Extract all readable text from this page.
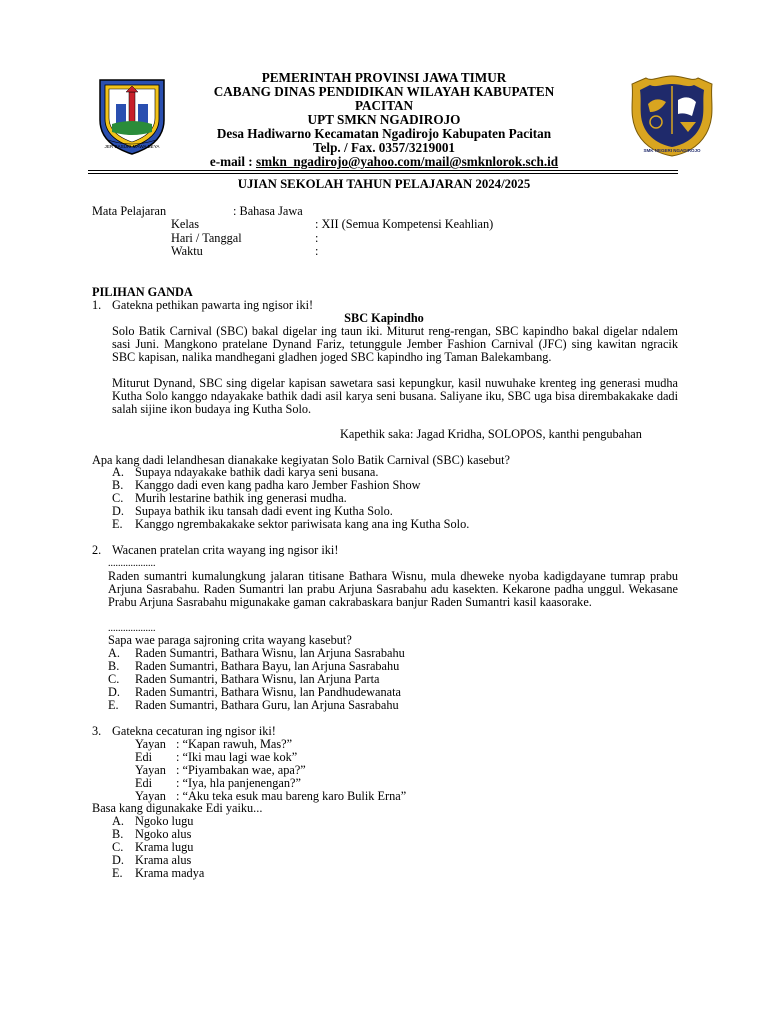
JER BASUKI MAWA BEYA
SMK NEGERI NGADIROJO
PEMERINTAH PROVINSI JAWA TIMUR
CABANG DINAS PENDIDIKAN WILAYAH KABUPATEN
PACITAN
UPT SMKN NGADIROJO
Desa Hadiwarno Kecamatan Ngadirojo Kabupaten Pacitan
Telp. / Fax. 0357/3219001
e-mail : smkn_ngadirojo@yahoo.com/mail@smknlorok.sch.id
UJIAN SEKOLAH TAHUN PELAJARAN 2024/2025
Mata Pelajaran	: Bahasa Jawa
Kelas	: XII (Semua Kompetensi Keahlian)
Hari / Tanggal	:
Waktu	:
PILIHAN GANDA
1. Gatekna pethikan pawarta ing ngisor iki!
SBC Kapindho
Solo Batik Carnival (SBC) bakal digelar ing taun iki. Miturut reng-rengan, SBC kapindho bakal digelar ndalem sasi Juni. Mangkono pratelane Dynand Fariz, tetunggule Jember Fashion Carnival (JFC) sing kawitan ngracik SBC kapisan, nalika mandhegani gladhen joged SBC kapindho ing Taman Balekambang.
Miturut Dynand, SBC sing digelar kapisan sawetara sasi kepungkur, kasil nuwuhake krenteg ing generasi mudha Kutha Solo kanggo ndayakake bathik dadi asil karya seni busana. Saliyane iku, SBC uga bisa dirembakakake dadi salah sijine ikon budaya ing Kutha Solo.
Kapethik saka: Jagad Kridha, SOLOPOS, kanthi pengubahan
Apa kang dadi lelandhesan dianakake kegiyatan Solo Batik Carnival (SBC) kasebut?
A. Supaya ndayakake bathik dadi karya seni busana.
B. Kanggo dadi even kang padha karo Jember Fashion Show
C. Murih lestarine bathik ing generasi mudha.
D. Supaya bathik iku tansah dadi event ing Kutha Solo.
E. Kanggo ngrembakakake sektor pariwisata kang ana ing Kutha Solo.
2. Wacanen pratelan crita wayang ing ngisor iki!
...................
Raden sumantri kumalungkung jalaran titisane Bathara Wisnu, mula dheweke nyoba kadigdayane tumrap prabu Arjuna Sasrabahu. Raden Sumantri lan prabu Arjuna Sasrabahu adu kasekten. Kekarone padha unggul. Wekasane Prabu Arjuna Sasrabahu migunakake gaman cakrabaskara banjur Raden Sumantri kasil kaasorake.
...................
Sapa wae paraga sajroning crita wayang kasebut?
A. Raden Sumantri, Bathara Wisnu, lan Arjuna Sasrabahu
B. Raden Sumantri, Bathara Bayu, lan Arjuna Sasrabahu
C. Raden Sumantri, Bathara Wisnu, lan Arjuna Parta
D. Raden Sumantri, Bathara Wisnu, lan Pandhudewanata
E. Raden Sumantri, Bathara Guru, lan Arjuna Sasrabahu
3. Gatekna cecaturan ing ngisor iki!
Yayan : “Kapan rawuh, Mas?”
Edi : “Iki mau lagi wae kok”
Yayan : “Piyambakan wae, apa?”
Edi : “Iya, hla panjenengan?”
Yayan : “Aku teka esuk mau bareng karo Bulik Erna”
Basa kang digunakake Edi yaiku...
A. Ngoko lugu
B. Ngoko alus
C. Krama lugu
D. Krama alus
E. Krama madya
